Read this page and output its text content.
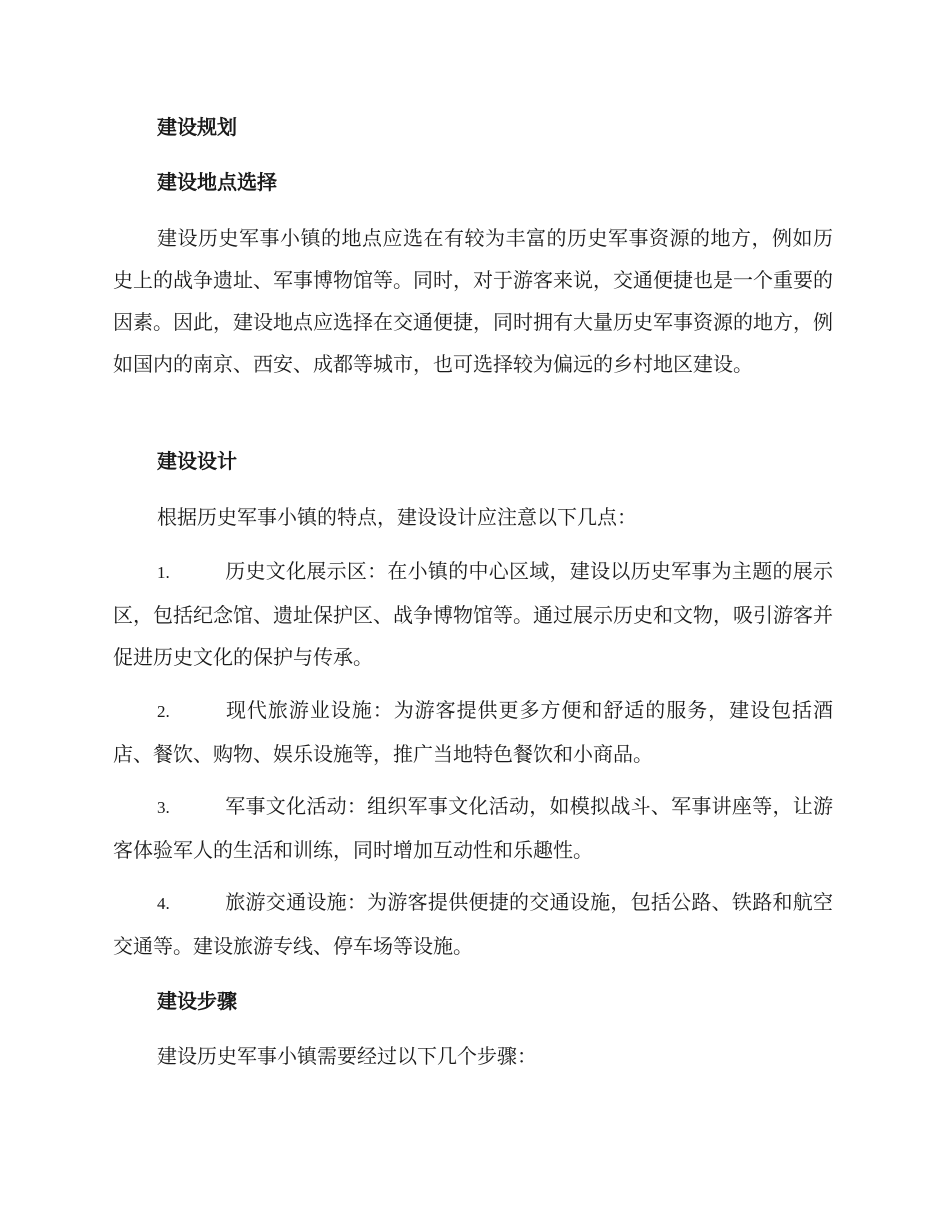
建设规划
建设地点选择
建设历史军事小镇的地点应选在有较为丰富的历史军事资源的地方，例如历史上的战争遗址、军事博物馆等。同时，对于游客来说，交通便捷也是一个重要的因素。因此，建设地点应选择在交通便捷，同时拥有大量历史军事资源的地方，例如国内的南京、西安、成都等城市，也可选择较为偏远的乡村地区建设。
建设设计
根据历史军事小镇的特点，建设设计应注意以下几点：
1.	历史文化展示区：在小镇的中心区域，建设以历史军事为主题的展示区，包括纪念馆、遗址保护区、战争博物馆等。通过展示历史和文物，吸引游客并促进历史文化的保护与传承。
2.	现代旅游业设施：为游客提供更多方便和舒适的服务，建设包括酒店、餐饮、购物、娱乐设施等，推广当地特色餐饮和小商品。
3.	军事文化活动：组织军事文化活动，如模拟战斗、军事讲座等，让游客体验军人的生活和训练，同时增加互动性和乐趣性。
4.	旅游交通设施：为游客提供便捷的交通设施，包括公路、铁路和航空交通等。建设旅游专线、停车场等设施。
建设步骤
建设历史军事小镇需要经过以下几个步骤：
